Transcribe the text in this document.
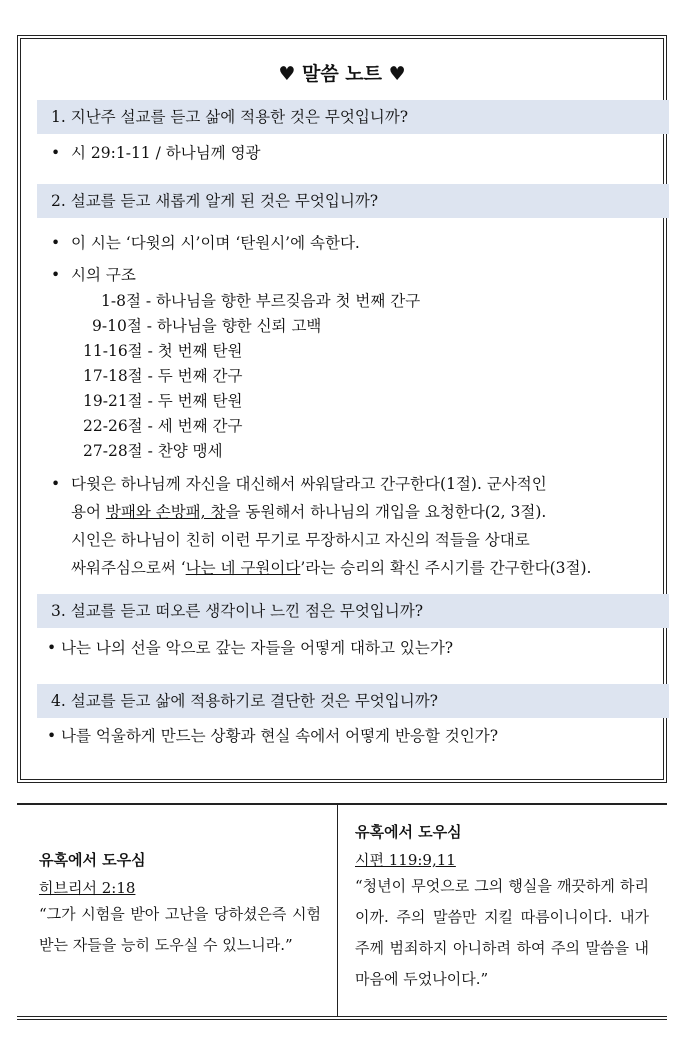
♥ 말씀 노트 ♥
1. 지난주 설교를 듣고 삶에 적용한 것은 무엇입니까?
• 시 29:1-11 / 하나님께 영광
2. 설교를 듣고 새롭게 알게 된 것은 무엇입니까?
• 이 시는 ‘다윗의 시’이며 ‘탄원시’에 속한다.
• 시의 구조
1-8절 - 하나님을 향한 부르짖음과 첫 번째 간구
9-10절 - 하나님을 향한 신뢰 고백
11-16절 - 첫 번째 탄원
17-18절 - 두 번째 간구
19-21절 - 두 번째 탄원
22-26절 - 세 번째 간구
27-28절 - 찬양 맹세
• 다윗은 하나님께 자신을 대신해서 싸워달라고 간구한다(1절). 군사적인
용어 방패와 손방패, 창을 동원해서 하나님의 개입을 요청한다(2, 3절).
시인은 하나님이 친히 이런 무기로 무장하시고 자신의 적들을 상대로
싸워주심으로써 ‘나는 네 구원이다’라는 승리의 확신 주시기를 간구한다(3절).
3. 설교를 듣고 떠오른 생각이나 느낀 점은 무엇입니까?
• 나는 나의 선을 악으로 갚는 자들을 어떻게 대하고 있는가?
4. 설교를 듣고 삶에 적용하기로 결단한 것은 무엇입니까?
• 나를 억울하게 만드는 상황과 현실 속에서 어떻게 반응할 것인가?
유혹에서 도우심
히브리서 2:18
“그가 시험을 받아 고난을 당하셨은즉 시험받는 자들을 능히 도우실 수 있느니라.”
유혹에서 도우심
시편 119:9,11
“청년이 무엇으로 그의 행실을 깨끗하게 하리이까. 주의 말씀만 지킬 따름이니이다. 내가 주께 범죄하지 아니하려 하여 주의 말씀을 내 마음에 두었나이다.”
